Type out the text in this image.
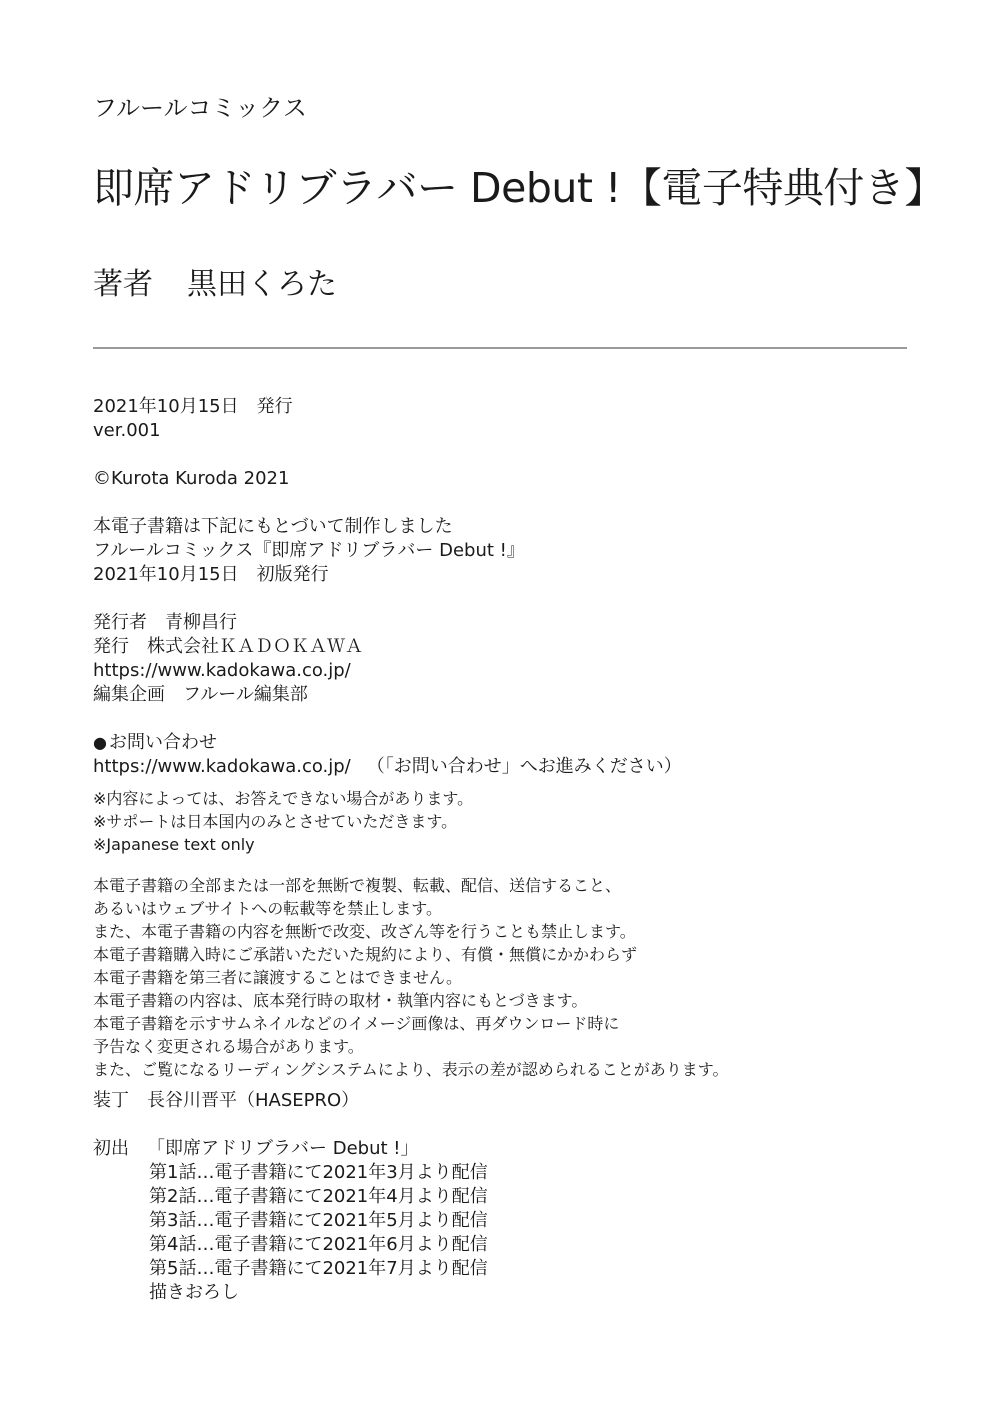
フルールコミックス
即席アドリブラバー Debut !【電子特典付き】
著者 黒田くろた
2021年10月15日 発行
ver.001
©Kurota Kuroda 2021
本電子書籍は下記にもとづいて制作しました
フルールコミックス『即席アドリブラバー Debut !』
2021年10月15日 初版発行
発行者 青柳昌行
発行 株式会社ＫＡＤＯＫＡＷＡ
https://www.kadokawa.co.jp/
編集企画 フルール編集部
● お問い合わせ
https://www.kadokawa.co.jp/ （「お問い合わせ」へお進みください）
※内容によっては、お答えできない場合があります。
※サポートは日本国内のみとさせていただきます。
※Japanese text only
本電子書籍の全部または一部を無断で複製、転載、配信、送信すること、
あるいはウェブサイトへの転載等を禁止します。
また、本電子書籍の内容を無断で改変、改ざん等を行うことも禁止します。
本電子書籍購入時にご承諾いただいた規約により、有償・無償にかかわらず
本電子書籍を第三者に譲渡することはできません。
本電子書籍の内容は、底本発行時の取材・執筆内容にもとづきます。
本電子書籍を示すサムネイルなどのイメージ画像は、再ダウンロード時に
予告なく変更される場合があります。
また、ご覧になるリーディングシステムにより、表示の差が認められることがあります。
装丁 長谷川晋平（HASEPRO）
初出 「即席アドリブラバー Debut !」
第1話…電子書籍にて2021年3月より配信
第2話…電子書籍にて2021年4月より配信
第3話…電子書籍にて2021年5月より配信
第4話…電子書籍にて2021年6月より配信
第5話…電子書籍にて2021年7月より配信
描きおろし
